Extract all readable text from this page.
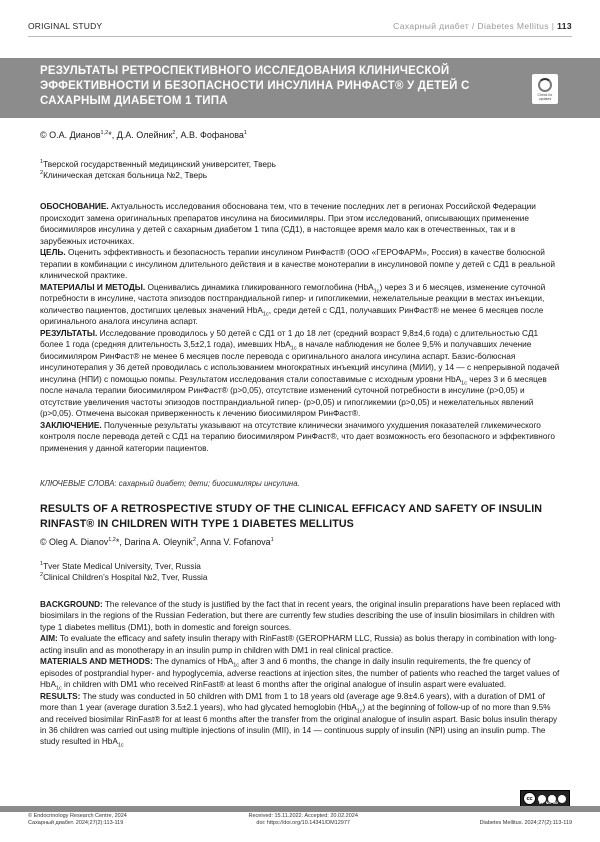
ORIGINAL STUDY	Сахарный диабет / Diabetes Mellitus | 113
РЕЗУЛЬТАТЫ РЕТРОСПЕКТИВНОГО ИССЛЕДОВАНИЯ КЛИНИЧЕСКОЙ ЭФФЕКТИВНОСТИ И БЕЗОПАСНОСТИ ИНСУЛИНА РИНФАСТ® У ДЕТЕЙ С САХАРНЫМ ДИАБЕТОМ 1 ТИПА
Check for
updates
© О.А. Дианов$^{1,2}$*, Д.А. Олейник$^2$, А.В. Фофанова$^1$
$^1$Тверской государственный медицинский университет, Тверь
$^2$Клиническая детская больница №2, Тверь

ОБОСНОВАНИЕ. Актуальность исследования обоснована тем, что в течение последних лет в регионах Российской Федерации происходит замена оригинальных препаратов инсулина на биосимиляры. При этом исследований, описывающих применение биосимиляров инсулина у детей с сахарным диабетом 1 типа (СД1), в настоящее время мало как в отечественных, так и в зарубежных источниках.

ЦЕЛЬ. Оценить эффективность и безопасность терапии инсулином РинФаст® (ООО «ГЕРОФАРМ», Россия) в качестве болюсной терапии в комбинации с инсулином длительного действия и в качестве монотерапии в инсулиновой помпе у детей с СД1 в реальной клинической практике.

МАТЕРИАЛЫ И МЕТОДЫ. Оценивались динамика гликированного гемоглобина (HbA$_{1c}$) через 3 и 6 месяцев, изменение суточной потребности в инсулине, частота эпизодов постпрандиальной гипер- и гипогликемии, нежелательные реакции в местах инъекции, количество пациентов, достигших целевых значений HbA$_{1c}$, среди детей с СД1, получавших РинФаст® не менее 6 месяцев после оригинального аналога инсулина аспарт.

РЕЗУЛЬТАТЫ. Исследование проводилось у 50 детей с СД1 от 1 до 18 лет (средний возраст 9,8±4,6 года) с длительностью СД1 более 1 года (средняя длительность 3,5±2,1 года), имевших HbA$_{1c}$ в начале наблюдения не более 9,5% и получавших лечение биосимиляром РинФаст® не менее 6 месяцев после перевода с оригинального аналога инсулина аспарт. Базис-болюсная инсулинотерапия у 36 детей проводилась с использованием многократных инъекций инсулина (МИИ), у 14 — с непрерывной подачей инсулина (НПИ) с помощью помпы. Результатом исследования стали сопоставимые с исходным уровни HbA$_{1c}$ через 3 и 6 месяцев после начала терапии биосимиляром РинФаст® (р>0,05), отсутствие изменений суточной потребности в инсулине (р>0,05) и отсутствие увеличения частоты эпизодов постпрандиальной гипер- (р>0,05) и гипогликемии (р>0,05) и нежелательных явлений (р>0,05). Отмечена высокая приверженность к лечению биосимиляром РинФаст®.

ЗАКЛЮЧЕНИЕ. Полученные результаты указывают на отсутствие клинически значимого ухудшения показателей гликемического контроля после перевода детей с СД1 на терапию биосимиляром РинФаст®, что дает возможность его безопасного и эффективного применения у данной категории пациентов.

КЛЮЧЕВЫЕ СЛОВА: сахарный диабет; дети; биосимиляры инсулина.
RESULTS OF A RETROSPECTIVE STUDY OF THE CLINICAL EFFICACY AND SAFETY OF INSULIN RINFAST® IN CHILDREN WITH TYPE 1 DIABETES MELLITUS
© Oleg A. Dianov$^{1,2}$*, Darina A. Oleynik$^2$, Anna V. Fofanova$^1$
$^1$Tver State Medical University, Tver, Russia
$^2$Clinical Children’s Hospital №2, Tver, Russia

BACKGROUND: The relevance of the study is justified by the fact that in recent years, the original insulin preparations have been replaced with biosimilars in the regions of the Russian Federation, but there are currently few studies describing the use of insulin biosimilars in children with type 1 diabetes mellitus (DM1), both in domestic and foreign sources.

AIM: To evaluate the efficacy and safety insulin therapy with RinFast® (GEROPHARM LLC, Russia) as bolus therapy in combination with long-acting insulin and as monotherapy in an insulin pump in children with DM1 in real clinical practice.

MATERIALS AND METHODS: The dynamics of HbA$_{1c}$ after 3 and 6 months, the change in daily insulin requirements, the fre quency of episodes of postprandial hyper- and hypoglycemia, adverse reactions at injection sites, the number of patients who reached the target values of HbA$_{1c}$ in children with DM1 who received RinFast® at least 6 months after the original analogue of insulin aspart were evaluated.

RESULTS: The study was conducted in 50 children with DM1 from 1 to 18 years old (average age 9.8±4.6 years), with a duration of DM1 of more than 1 year (average duration 3.5±2.1 years), who had glycated hemoglobin (HbA$_{1c}$) at the beginning of follow-up of no more than 9.5% and received biosimilar RinFast® for at least 6 months after the transfer from the original analogue of insulin aspart. Basic bolus insulin therapy in 36 children was carried out using multiple injections of insulin (MII), in 14 — continuous supply of insulin (NPI) using an insulin pump. The study resulted in HbA$_{1c}$

cc
BY NC ND
© Endocrinology Research Centre, 2024
Сахарный диабет. 2024;27(2):113-119
Received: 15.11.2022. Accepted: 20.02.2024
doi: https://doi.org/10.14341/DM12977
	Diabetes Mellitus. 2024;27(2):113-119
